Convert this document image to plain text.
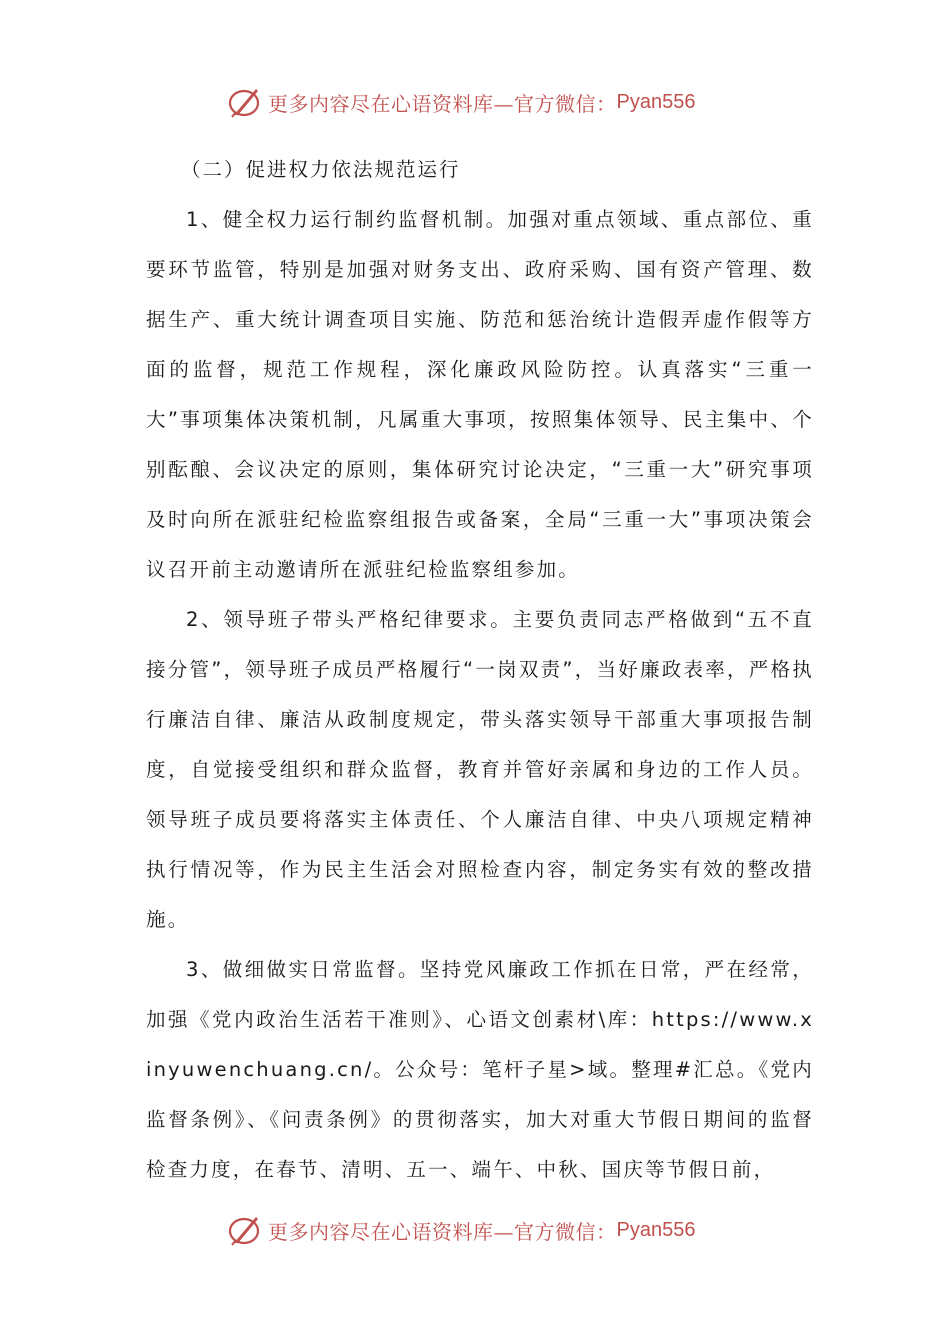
更多内容尽在心语资料库—官方微信： Pyan556
（二）促进权力依法规范运行

1、健全权力运行制约监督机制。加强对重点领域、重点部位、重要环节监管，特别是加强对财务支出、政府采购、国有资产管理、数据生产、重大统计调查项目实施、防范和惩治统计造假弄虚作假等方面的监督，规范工作规程，深化廉政风险防控。认真落实“三重一大”事项集体决策机制，凡属重大事项，按照集体领导、民主集中、个别酝酿、会议决定的原则，集体研究讨论决定，“三重一大”研究事项及时向所在派驻纪检监察组报告或备案，全局“三重一大”事项决策会议召开前主动邀请所在派驻纪检监察组参加。

2、领导班子带头严格纪律要求。主要负责同志严格做到“五不直接分管”，领导班子成员严格履行“一岗双责”，当好廉政表率，严格执行廉洁自律、廉洁从政制度规定，带头落实领导干部重大事项报告制度，自觉接受组织和群众监督，教育并管好亲属和身边的工作人员。领导班子成员要将落实主体责任、个人廉洁自律、中央八项规定精神执行情况等，作为民主生活会对照检查内容，制定务实有效的整改措施。

3、做细做实日常监督。坚持党风廉政工作抓在日常，严在经常，加强《党内政治生活若干准则》、心语文创素材\库：https://www.xinyuwenchuang.cn/。公众号：笔杆子星>域。整理#汇总。《党内监督条例》、《问责条例》的贯彻落实，加大对重大节假日期间的监督检查力度，在春节、清明、五一、端午、中秋、国庆等节假日前，

更多内容尽在心语资料库—官方微信： Pyan556
